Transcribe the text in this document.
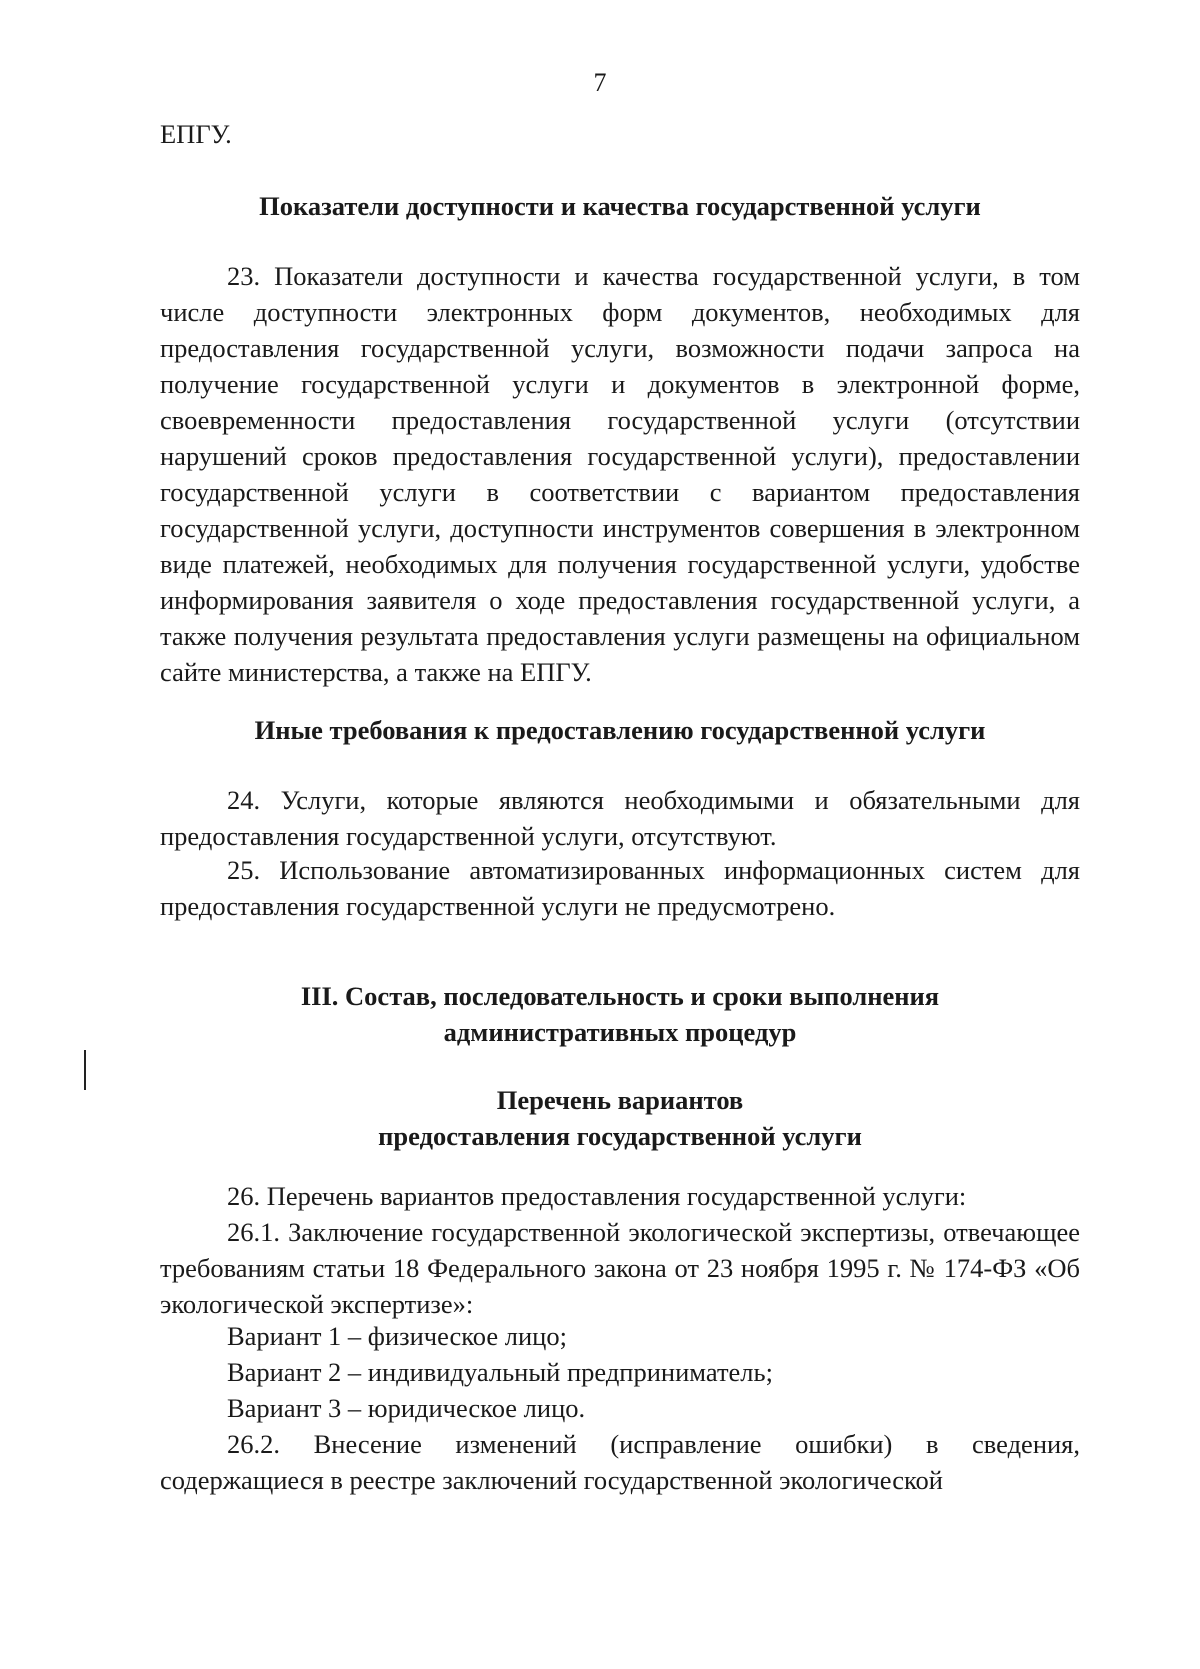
7
ЕПГУ.
Показатели доступности и качества государственной услуги

23. Показатели доступности и качества государственной услуги, в том числе доступности электронных форм документов, необходимых для предоставления государственной услуги, возможности подачи запроса на получение государственной услуги и документов в электронной форме, своевременности предоставления государственной услуги (отсутствии нарушений сроков предоставления государственной услуги), предоставлении государственной услуги в соответствии с вариантом предоставления государственной услуги, доступности инструментов совершения в электронном виде платежей, необходимых для получения государственной услуги, удобстве информирования заявителя о ходе предоставления государственной услуги, а также получения результата предоставления услуги размещены на официальном сайте министерства, а также на ЕПГУ.

Иные требования к предоставлению государственной услуги

24. Услуги, которые являются необходимыми и обязательными для предоставления государственной услуги, отсутствуют.

25. Использование автоматизированных информационных систем для предоставления государственной услуги не предусмотрено.

III. Состав, последовательность и сроки выполнения
административных процедур
Перечень вариантов
предоставления государственной услуги

26. Перечень вариантов предоставления государственной услуги:

26.1. Заключение государственной экологической экспертизы, отвечающее требованиям статьи 18 Федерального закона от 23 ноября 1995 г. № 174-ФЗ «Об экологической экспертизе»:

Вариант 1 – физическое лицо;

Вариант 2 – индивидуальный предприниматель;

Вариант 3 – юридическое лицо.

26.2. Внесение изменений (исправление ошибки) в сведения, содержащиеся в реестре заключений государственной экологической
